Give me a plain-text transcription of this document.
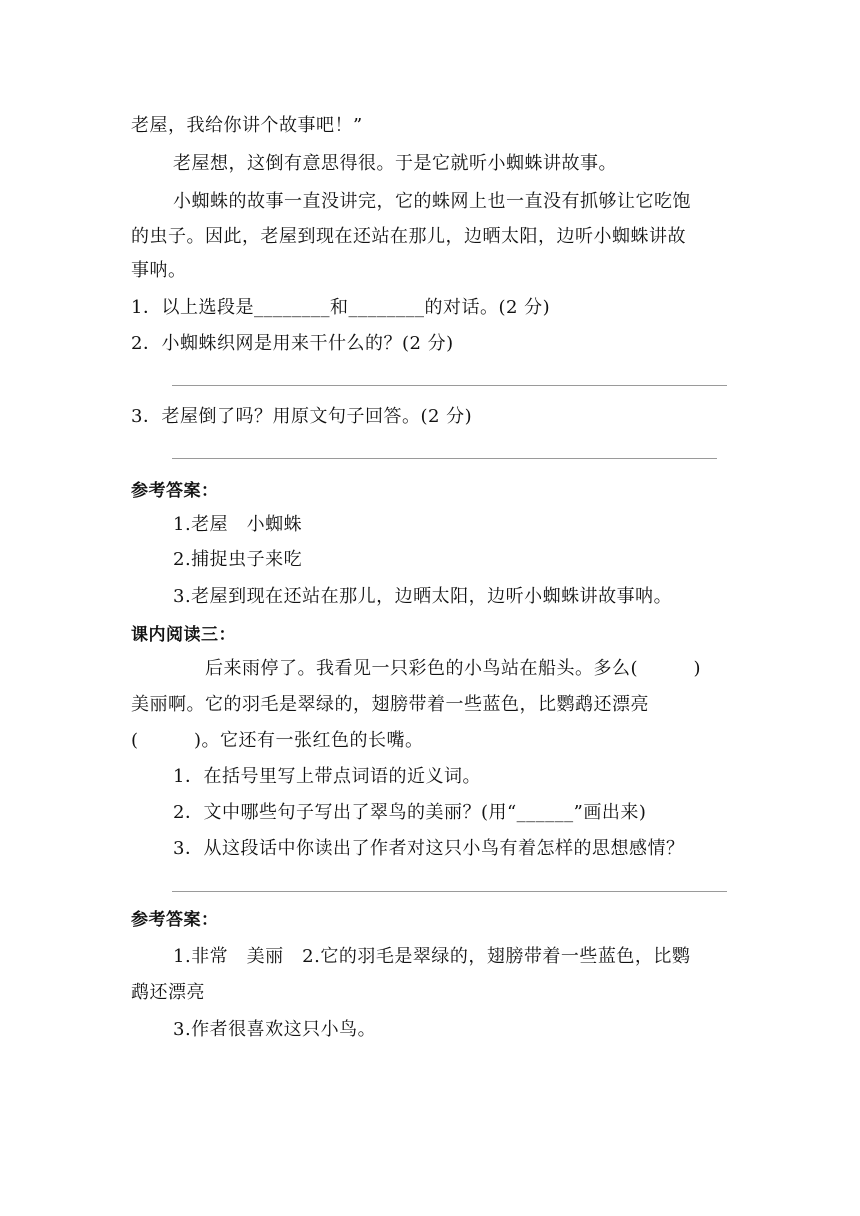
老屋，我给你讲个故事吧！”
老屋想，这倒有意思得很。于是它就听小蜘蛛讲故事。
小蜘蛛的故事一直没讲完，它的蛛网上也一直没有抓够让它吃饱
的虫子。因此，老屋到现在还站在那儿，边晒太阳，边听小蜘蛛讲故
事呐。
1．以上选段是________和________的对话。(2 分)
2．小蜘蛛织网是用来干什么的？(2 分)
3．老屋倒了吗？用原文句子回答。(2 分)
参考答案：
1.老屋　小蜘蛛
2.捕捉虫子来吃
3.老屋到现在还站在那儿，边晒太阳，边听小蜘蛛讲故事呐。
课内阅读三：
后来雨停了。我看见一只彩色的小鸟站在船头。多么(　　　)
美丽啊。它的羽毛是翠绿的，翅膀带着一些蓝色，比鹦鹉还漂亮
(　　　)。它还有一张红色的长嘴。
1．在括号里写上带点词语的近义词。
2．文中哪些句子写出了翠鸟的美丽？(用“______”画出来)
3．从这段话中你读出了作者对这只小鸟有着怎样的思想感情？
参考答案：
1.非常　美丽　2.它的羽毛是翠绿的，翅膀带着一些蓝色，比鹦
鹉还漂亮
3.作者很喜欢这只小鸟。
